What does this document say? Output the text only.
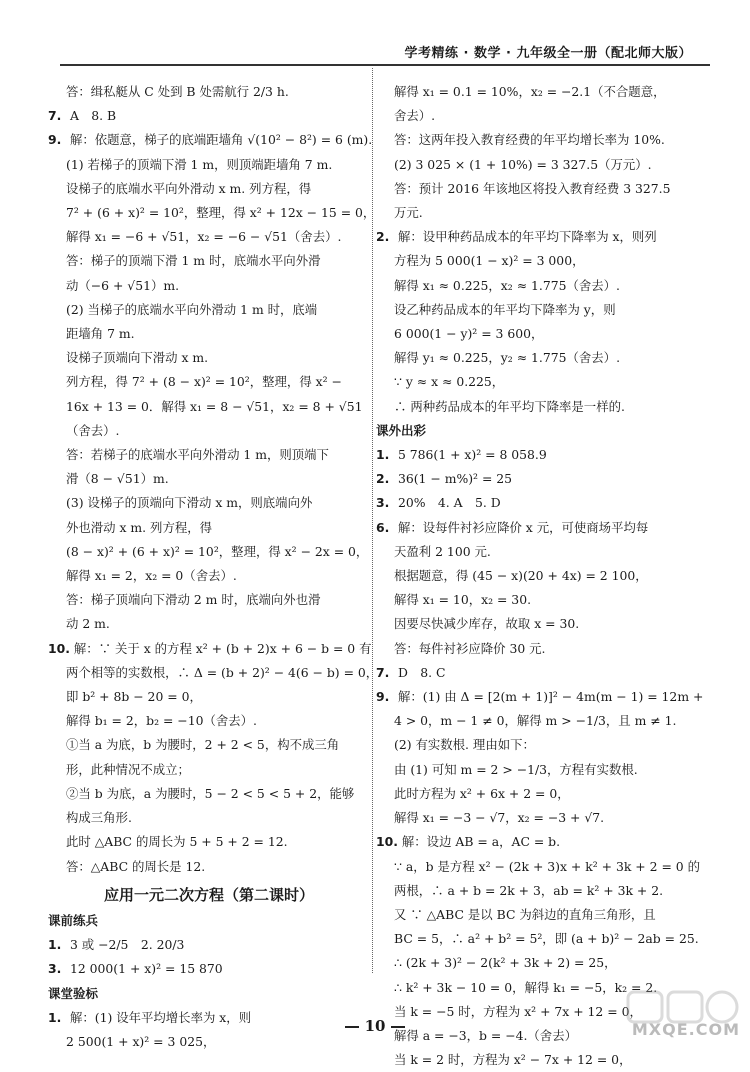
学考精练 · 数学 · 九年级全一册（配北师大版）
答：缉私艇从 C 处到 B 处需航行 2/3 h.
7. A　8. B
9. 解：依题意，梯子的底端距墙角 √(10² − 8²) = 6 (m).
(1) 若梯子的顶端下滑 1 m，则顶端距墙角 7 m.
设梯子的底端水平向外滑动 x m. 列方程，得
7² + (6 + x)² = 10²，整理，得 x² + 12x − 15 = 0，
解得 x₁ = −6 + √51，x₂ = −6 − √51（舍去）.
答：梯子的顶端下滑 1 m 时，底端水平向外滑
动（−6 + √51）m.
(2) 当梯子的底端水平向外滑动 1 m 时，底端
距墙角 7 m.
设梯子顶端向下滑动 x m.
列方程，得 7² + (8 − x)² = 10²，整理，得 x² −
16x + 13 = 0．解得 x₁ = 8 − √51，x₂ = 8 + √51
（舍去）.
答：若梯子的底端水平向外滑动 1 m，则顶端下
滑（8 − √51）m.
(3) 设梯子的顶端向下滑动 x m，则底端向外
外也滑动 x m. 列方程，得
(8 − x)² + (6 + x)² = 10²，整理，得 x² − 2x = 0，
解得 x₁ = 2，x₂ = 0（舍去）.
答：梯子顶端向下滑动 2 m 时，底端向外也滑
动 2 m.
10. 解：∵ 关于 x 的方程 x² + (b + 2)x + 6 − b = 0 有
两个相等的实数根，∴ Δ = (b + 2)² − 4(6 − b) = 0，
即 b² + 8b − 20 = 0，
解得 b₁ = 2，b₂ = −10（舍去）.
①当 a 为底，b 为腰时，2 + 2 < 5，构不成三角
形，此种情况不成立；
②当 b 为底，a 为腰时，5 − 2 < 5 < 5 + 2，能够
构成三角形.
此时 △ABC 的周长为 5 + 5 + 2 = 12.
答：△ABC 的周长是 12.
应用一元二次方程（第二课时）
课前练兵
1. 3 或 −2/5　2. 20/3
3. 12 000(1 + x)² = 15 870
课堂验标
1. 解：(1) 设年平均增长率为 x，则
2 500(1 + x)² = 3 025，
解得 x₁ = 0.1 = 10%，x₂ = −2.1（不合题意，
舍去）.
答：这两年投入教育经费的年平均增长率为 10%.
(2) 3 025 × (1 + 10%) = 3 327.5（万元）.
答：预计 2016 年该地区将投入教育经费 3 327.5
万元.
2. 解：设甲种药品成本的年平均下降率为 x，则列
方程为 5 000(1 − x)² = 3 000，
解得 x₁ ≈ 0.225，x₂ ≈ 1.775（舍去）.
设乙种药品成本的年平均下降率为 y，则
6 000(1 − y)² = 3 600，
解得 y₁ ≈ 0.225，y₂ ≈ 1.775（舍去）.
∵ y ≈ x ≈ 0.225，
∴ 两种药品成本的年平均下降率是一样的.
课外出彩
1. 5 786(1 + x)² = 8 058.9
2. 36(1 − m%)² = 25
3. 20%　4. A　5. D
6. 解：设每件衬衫应降价 x 元，可使商场平均每
天盈利 2 100 元.
根据题意，得 (45 − x)(20 + 4x) = 2 100，
解得 x₁ = 10，x₂ = 30.
因要尽快减少库存，故取 x = 30.
答：每件衬衫应降价 30 元.
7. D　8. C
9. 解：(1) 由 Δ = [2(m + 1)]² − 4m(m − 1) = 12m +
4 > 0，m − 1 ≠ 0，解得 m > −1/3，且 m ≠ 1.
(2) 有实数根. 理由如下：
由 (1) 可知 m = 2 > −1/3，方程有实数根.
此时方程为 x² + 6x + 2 = 0，
解得 x₁ = −3 − √7，x₂ = −3 + √7.
10. 解：设边 AB = a，AC = b.
∵ a，b 是方程 x² − (2k + 3)x + k² + 3k + 2 = 0 的
两根，∴ a + b = 2k + 3，ab = k² + 3k + 2.
又 ∵ △ABC 是以 BC 为斜边的直角三角形，且
BC = 5，∴ a² + b² = 5²，即 (a + b)² − 2ab = 25.
∴ (2k + 3)² − 2(k² + 3k + 2) = 25，
∴ k² + 3k − 10 = 0，解得 k₁ = −5，k₂ = 2.
当 k = −5 时，方程为 x² + 7x + 12 = 0，
解得 a = −3，b = −4.（舍去）
当 k = 2 时，方程为 x² − 7x + 12 = 0，
10	MXQE.COM
